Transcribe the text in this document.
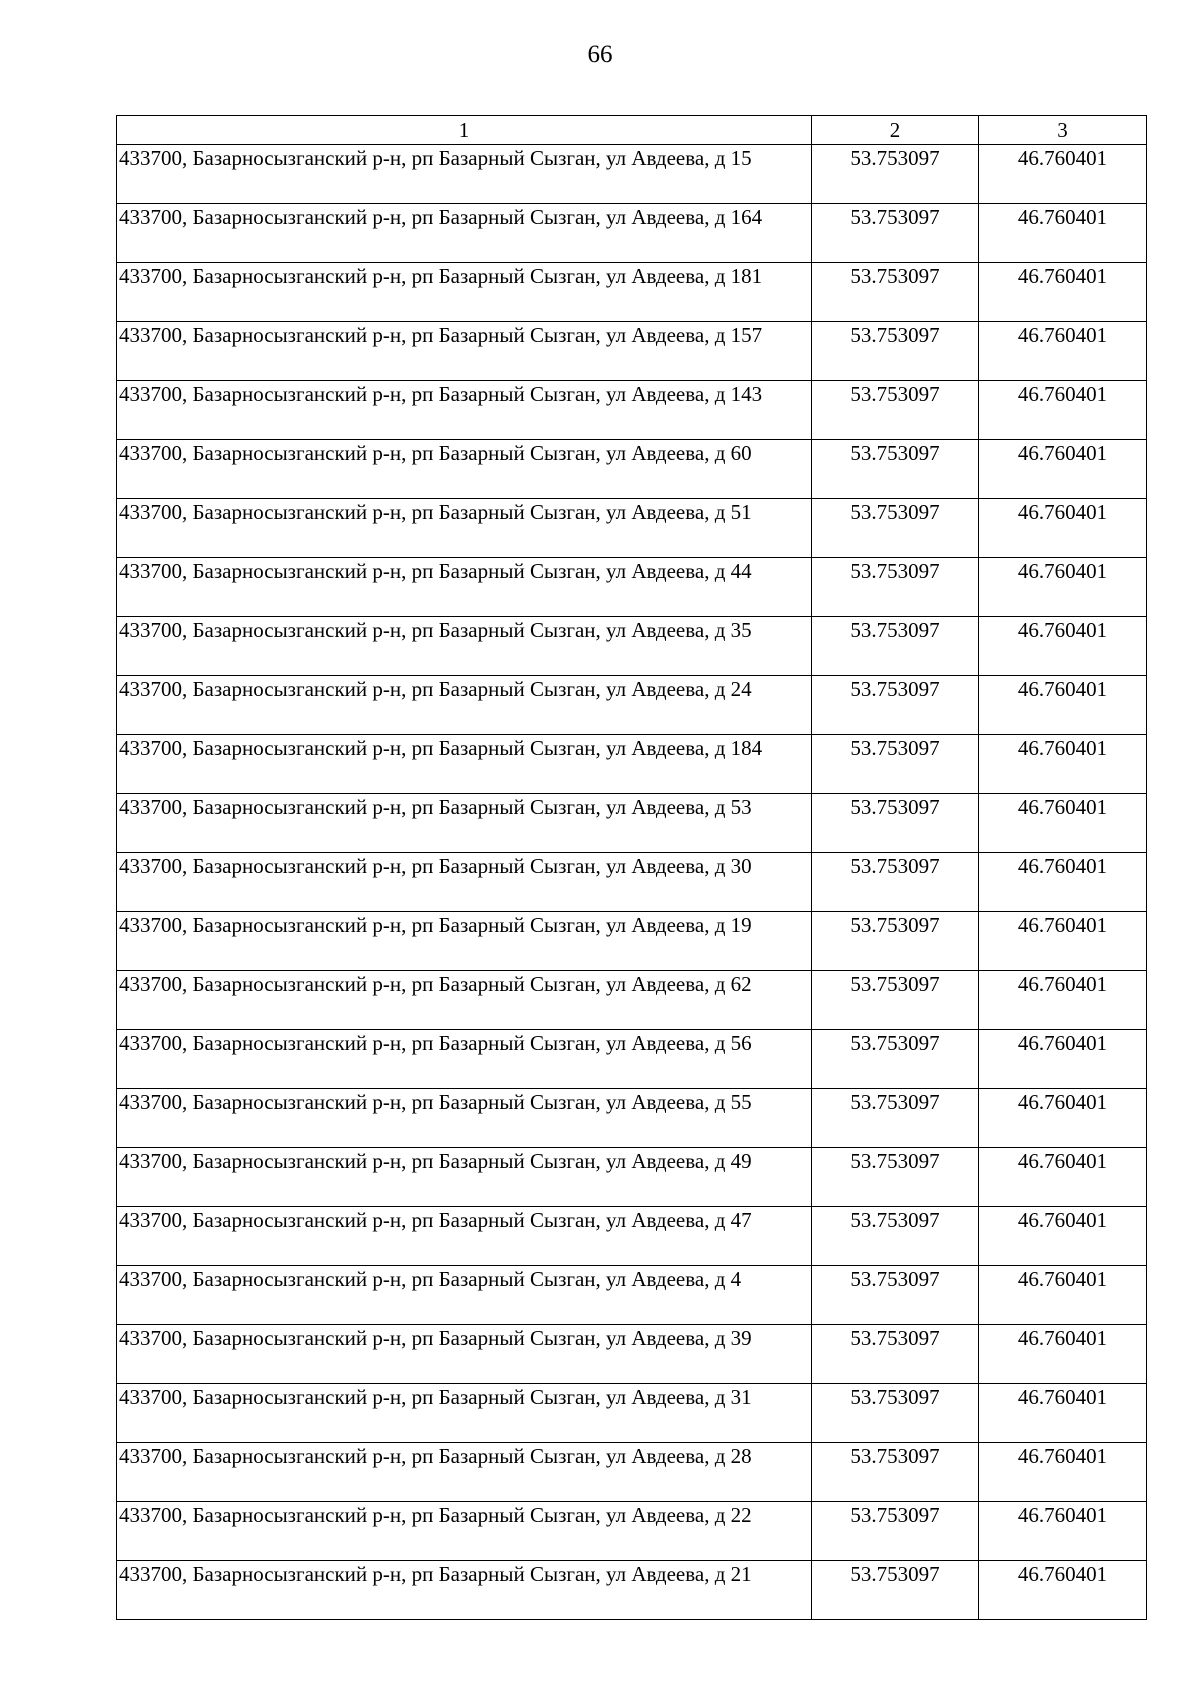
66
1	2	3
433700, Базарносызганский р-н, рп Базарный Сызган, ул Авдеева, д 15	53.753097	46.760401
433700, Базарносызганский р-н, рп Базарный Сызган, ул Авдеева, д 164	53.753097	46.760401
433700, Базарносызганский р-н, рп Базарный Сызган, ул Авдеева, д 181	53.753097	46.760401
433700, Базарносызганский р-н, рп Базарный Сызган, ул Авдеева, д 157	53.753097	46.760401
433700, Базарносызганский р-н, рп Базарный Сызган, ул Авдеева, д 143	53.753097	46.760401
433700, Базарносызганский р-н, рп Базарный Сызган, ул Авдеева, д 60	53.753097	46.760401
433700, Базарносызганский р-н, рп Базарный Сызган, ул Авдеева, д 51	53.753097	46.760401
433700, Базарносызганский р-н, рп Базарный Сызган, ул Авдеева, д 44	53.753097	46.760401
433700, Базарносызганский р-н, рп Базарный Сызган, ул Авдеева, д 35	53.753097	46.760401
433700, Базарносызганский р-н, рп Базарный Сызган, ул Авдеева, д 24	53.753097	46.760401
433700, Базарносызганский р-н, рп Базарный Сызган, ул Авдеева, д 184	53.753097	46.760401
433700, Базарносызганский р-н, рп Базарный Сызган, ул Авдеева, д 53	53.753097	46.760401
433700, Базарносызганский р-н, рп Базарный Сызган, ул Авдеева, д 30	53.753097	46.760401
433700, Базарносызганский р-н, рп Базарный Сызган, ул Авдеева, д 19	53.753097	46.760401
433700, Базарносызганский р-н, рп Базарный Сызган, ул Авдеева, д 62	53.753097	46.760401
433700, Базарносызганский р-н, рп Базарный Сызган, ул Авдеева, д 56	53.753097	46.760401
433700, Базарносызганский р-н, рп Базарный Сызган, ул Авдеева, д 55	53.753097	46.760401
433700, Базарносызганский р-н, рп Базарный Сызган, ул Авдеева, д 49	53.753097	46.760401
433700, Базарносызганский р-н, рп Базарный Сызган, ул Авдеева, д 47	53.753097	46.760401
433700, Базарносызганский р-н, рп Базарный Сызган, ул Авдеева, д 4	53.753097	46.760401
433700, Базарносызганский р-н, рп Базарный Сызган, ул Авдеева, д 39	53.753097	46.760401
433700, Базарносызганский р-н, рп Базарный Сызган, ул Авдеева, д 31	53.753097	46.760401
433700, Базарносызганский р-н, рп Базарный Сызган, ул Авдеева, д 28	53.753097	46.760401
433700, Базарносызганский р-н, рп Базарный Сызган, ул Авдеева, д 22	53.753097	46.760401
433700, Базарносызганский р-н, рп Базарный Сызган, ул Авдеева, д 21	53.753097	46.760401
